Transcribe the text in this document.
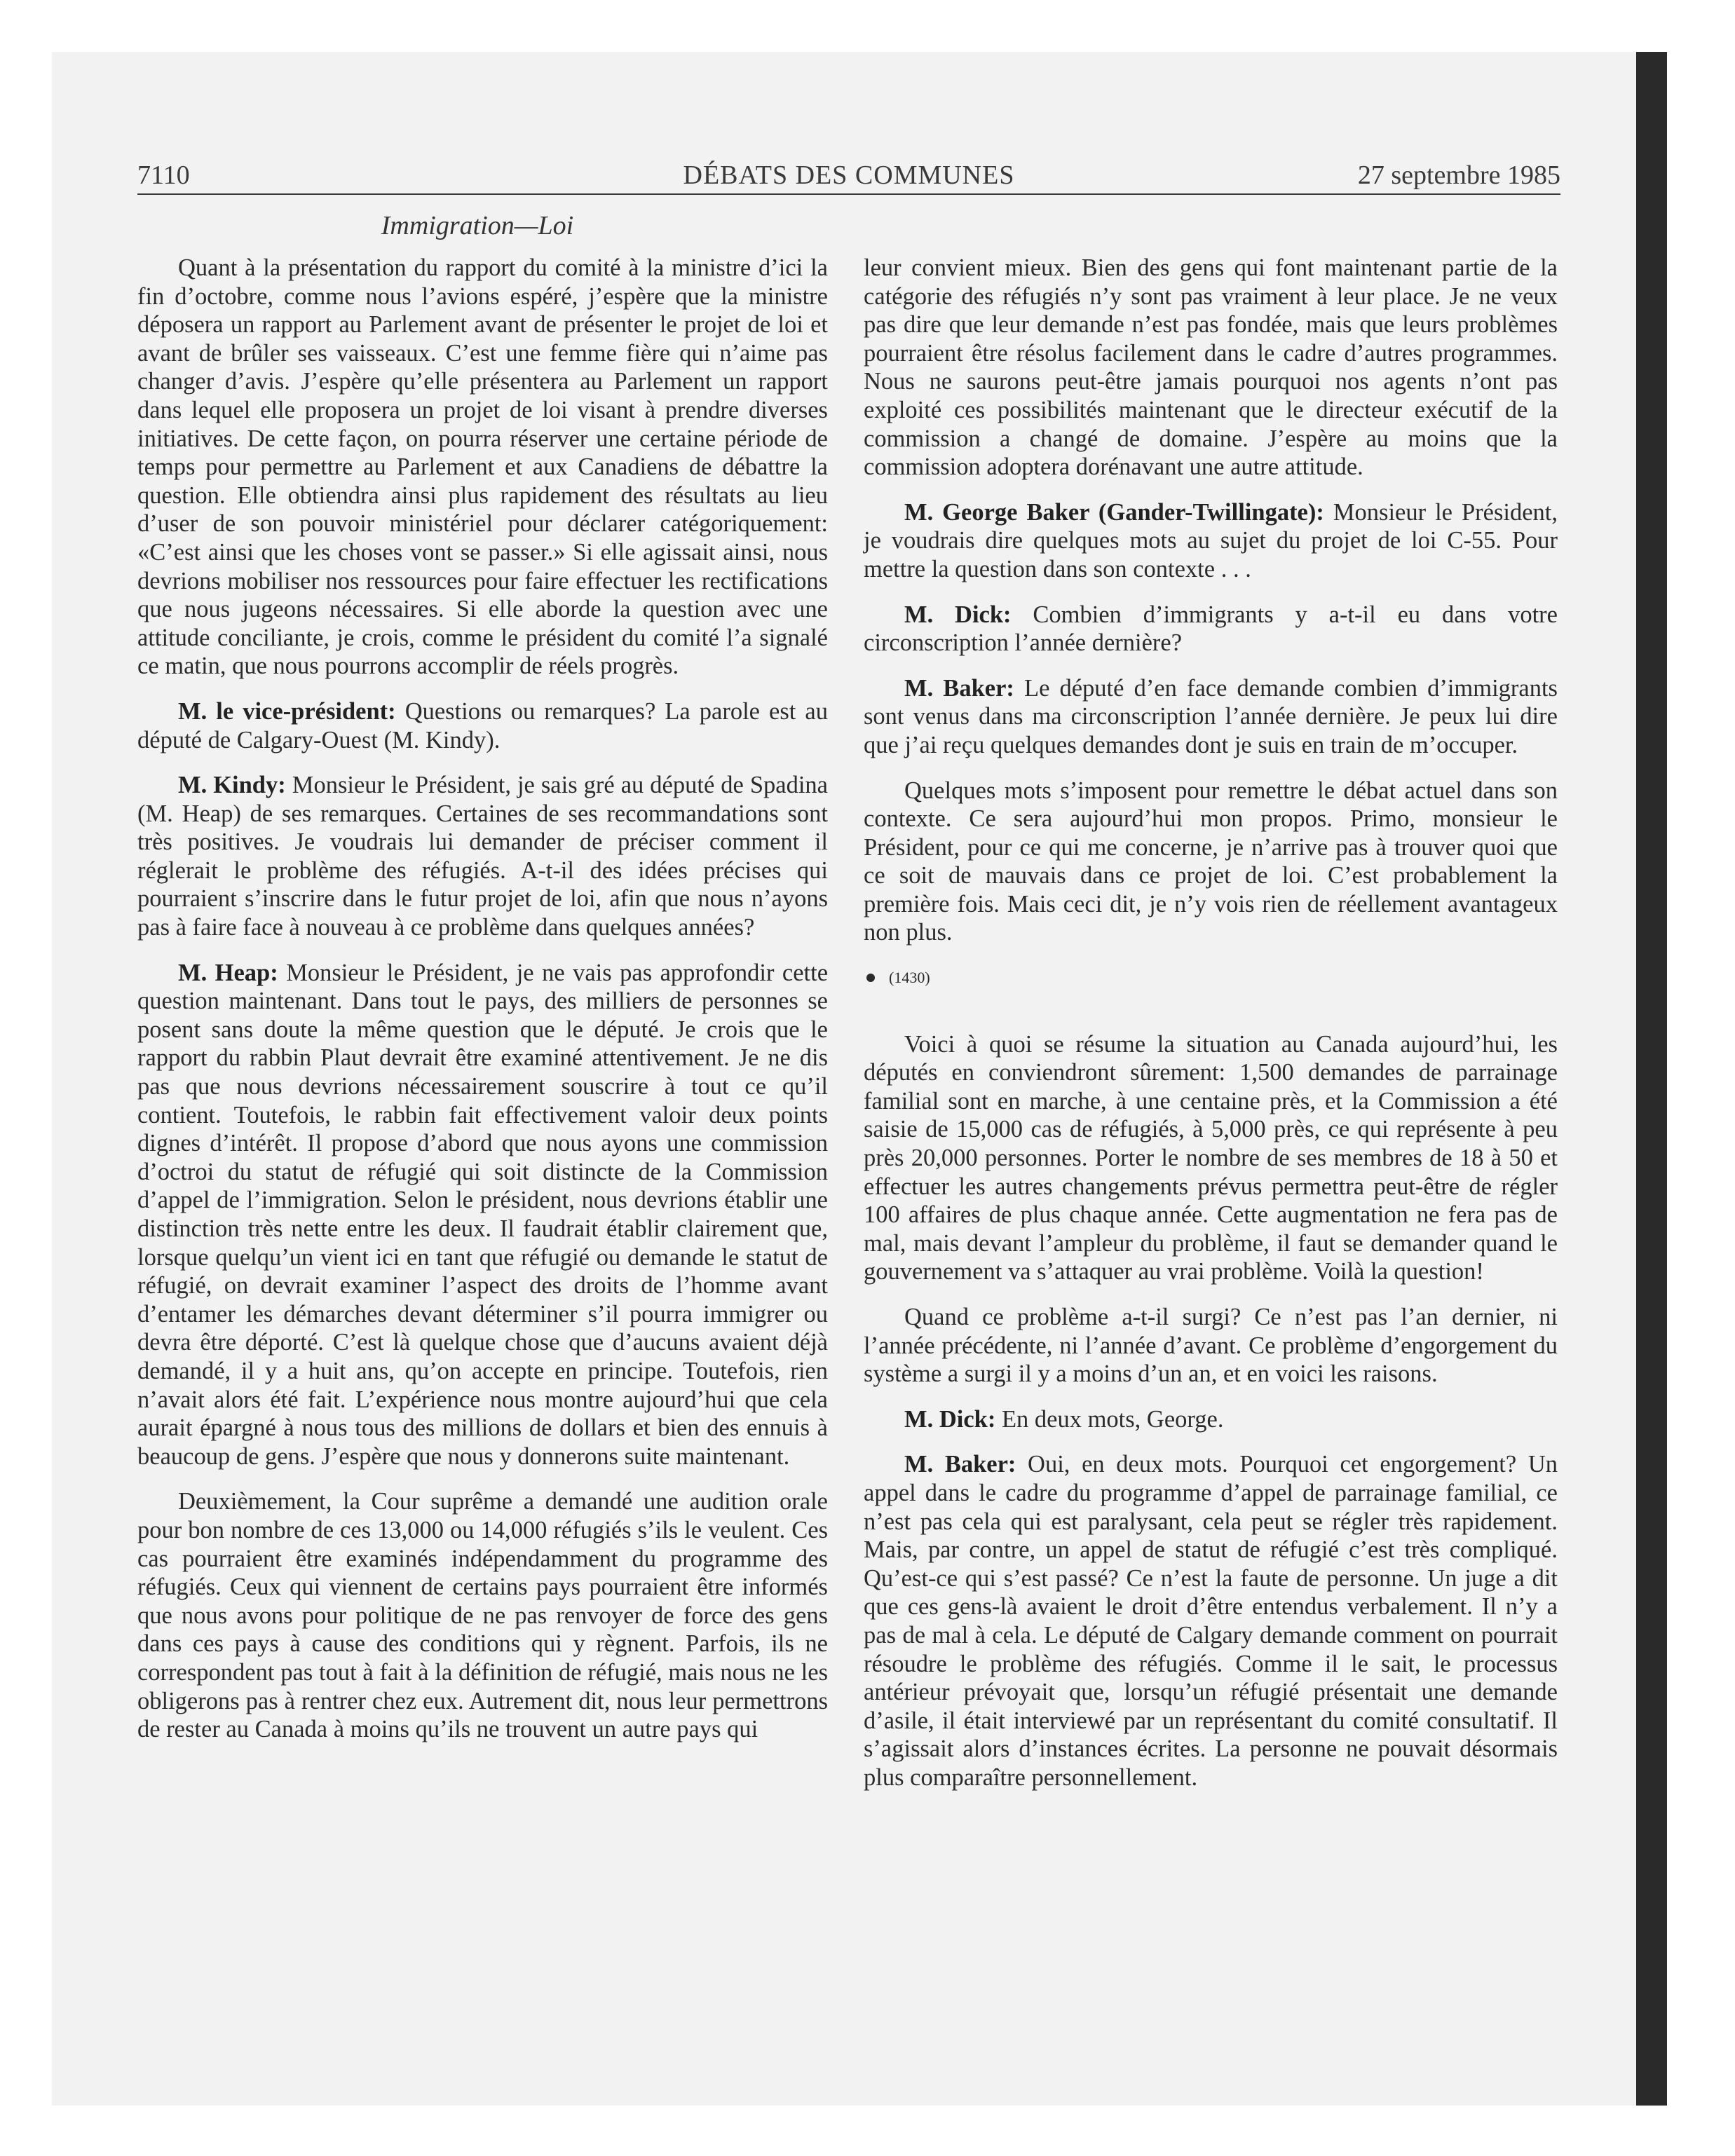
7110	DÉBATS DES COMMUNES	27 septembre 1985
Immigration—Loi

Quant à la présentation du rapport du comité à la ministre d’ici la fin d’octobre, comme nous l’avions espéré, j’espère que la ministre déposera un rapport au Parlement avant de présenter le projet de loi et avant de brûler ses vaisseaux. C’est une femme fière qui n’aime pas changer d’avis. J’espère qu’elle présentera au Parlement un rapport dans lequel elle proposera un projet de loi visant à prendre diverses initiatives. De cette façon, on pourra réserver une certaine période de temps pour permettre au Parlement et aux Canadiens de débattre la question. Elle obtiendra ainsi plus rapidement des résultats au lieu d’user de son pouvoir ministériel pour déclarer catégoriquement: «C’est ainsi que les choses vont se passer.» Si elle agissait ainsi, nous devrions mobiliser nos ressources pour faire effectuer les rectifications que nous jugeons nécessaires. Si elle aborde la question avec une attitude conciliante, je crois, comme le président du comité l’a signalé ce matin, que nous pourrons accomplir de réels progrès.

M. le vice-président: Questions ou remarques? La parole est au député de Calgary-Ouest (M. Kindy).

M. Kindy: Monsieur le Président, je sais gré au député de Spadina (M. Heap) de ses remarques. Certaines de ses recommandations sont très positives. Je voudrais lui demander de préciser comment il réglerait le problème des réfugiés. A-t-il des idées précises qui pourraient s’inscrire dans le futur projet de loi, afin que nous n’ayons pas à faire face à nouveau à ce problème dans quelques années?

M. Heap: Monsieur le Président, je ne vais pas approfondir cette question maintenant. Dans tout le pays, des milliers de personnes se posent sans doute la même question que le député. Je crois que le rapport du rabbin Plaut devrait être examiné attentivement. Je ne dis pas que nous devrions nécessairement souscrire à tout ce qu’il contient. Toutefois, le rabbin fait effectivement valoir deux points dignes d’intérêt. Il propose d’abord que nous ayons une commission d’octroi du statut de réfugié qui soit distincte de la Commission d’appel de l’immigration. Selon le président, nous devrions établir une distinction très nette entre les deux. Il faudrait établir clairement que, lorsque quelqu’un vient ici en tant que réfugié ou demande le statut de réfugié, on devrait examiner l’aspect des droits de l’homme avant d’entamer les démarches devant déterminer s’il pourra immigrer ou devra être déporté. C’est là quelque chose que d’aucuns avaient déjà demandé, il y a huit ans, qu’on accepte en principe. Toutefois, rien n’avait alors été fait. L’expérience nous montre aujourd’hui que cela aurait épargné à nous tous des millions de dollars et bien des ennuis à beaucoup de gens. J’espère que nous y donnerons suite maintenant.

Deuxièmement, la Cour suprême a demandé une audition orale pour bon nombre de ces 13,000 ou 14,000 réfugiés s’ils le veulent. Ces cas pourraient être examinés indépendamment du programme des réfugiés. Ceux qui viennent de certains pays pourraient être informés que nous avons pour politique de ne pas renvoyer de force des gens dans ces pays à cause des conditions qui y règnent. Parfois, ils ne correspondent pas tout à fait à la définition de réfugié, mais nous ne les obligerons pas à rentrer chez eux. Autrement dit, nous leur permettrons de rester au Canada à moins qu’ils ne trouvent un autre pays qui

leur convient mieux. Bien des gens qui font maintenant partie de la catégorie des réfugiés n’y sont pas vraiment à leur place. Je ne veux pas dire que leur demande n’est pas fondée, mais que leurs problèmes pourraient être résolus facilement dans le cadre d’autres programmes. Nous ne saurons peut-être jamais pourquoi nos agents n’ont pas exploité ces possibilités maintenant que le directeur exécutif de la commission a changé de domaine. J’espère au moins que la commission adoptera dorénavant une autre attitude.

M. George Baker (Gander-Twillingate): Monsieur le Président, je voudrais dire quelques mots au sujet du projet de loi C-55. Pour mettre la question dans son contexte . . .

M. Dick: Combien d’immigrants y a-t-il eu dans votre circonscription l’année dernière?

M. Baker: Le député d’en face demande combien d’immigrants sont venus dans ma circonscription l’année dernière. Je peux lui dire que j’ai reçu quelques demandes dont je suis en train de m’occuper.

Quelques mots s’imposent pour remettre le débat actuel dans son contexte. Ce sera aujourd’hui mon propos. Primo, monsieur le Président, pour ce qui me concerne, je n’arrive pas à trouver quoi que ce soit de mauvais dans ce projet de loi. C’est probablement la première fois. Mais ceci dit, je n’y vois rien de réellement avantageux non plus.

(1430)

Voici à quoi se résume la situation au Canada aujourd’hui, les députés en conviendront sûrement: 1,500 demandes de parrainage familial sont en marche, à une centaine près, et la Commission a été saisie de 15,000 cas de réfugiés, à 5,000 près, ce qui représente à peu près 20,000 personnes. Porter le nombre de ses membres de 18 à 50 et effectuer les autres changements prévus permettra peut-être de régler 100 affaires de plus chaque année. Cette augmentation ne fera pas de mal, mais devant l’ampleur du problème, il faut se demander quand le gouvernement va s’attaquer au vrai problème. Voilà la question!

Quand ce problème a-t-il surgi? Ce n’est pas l’an dernier, ni l’année précédente, ni l’année d’avant. Ce problème d’engorgement du système a surgi il y a moins d’un an, et en voici les raisons.

M. Dick: En deux mots, George.

M. Baker: Oui, en deux mots. Pourquoi cet engorgement? Un appel dans le cadre du programme d’appel de parrainage familial, ce n’est pas cela qui est paralysant, cela peut se régler très rapidement. Mais, par contre, un appel de statut de réfugié c’est très compliqué. Qu’est-ce qui s’est passé? Ce n’est la faute de personne. Un juge a dit que ces gens-là avaient le droit d’être entendus verbalement. Il n’y a pas de mal à cela. Le député de Calgary demande comment on pourrait résoudre le problème des réfugiés. Comme il le sait, le processus antérieur prévoyait que, lorsqu’un réfugié présentait une demande d’asile, il était interviewé par un représentant du comité consultatif. Il s’agissait alors d’instances écrites. La personne ne pouvait désormais plus comparaître personnellement.
